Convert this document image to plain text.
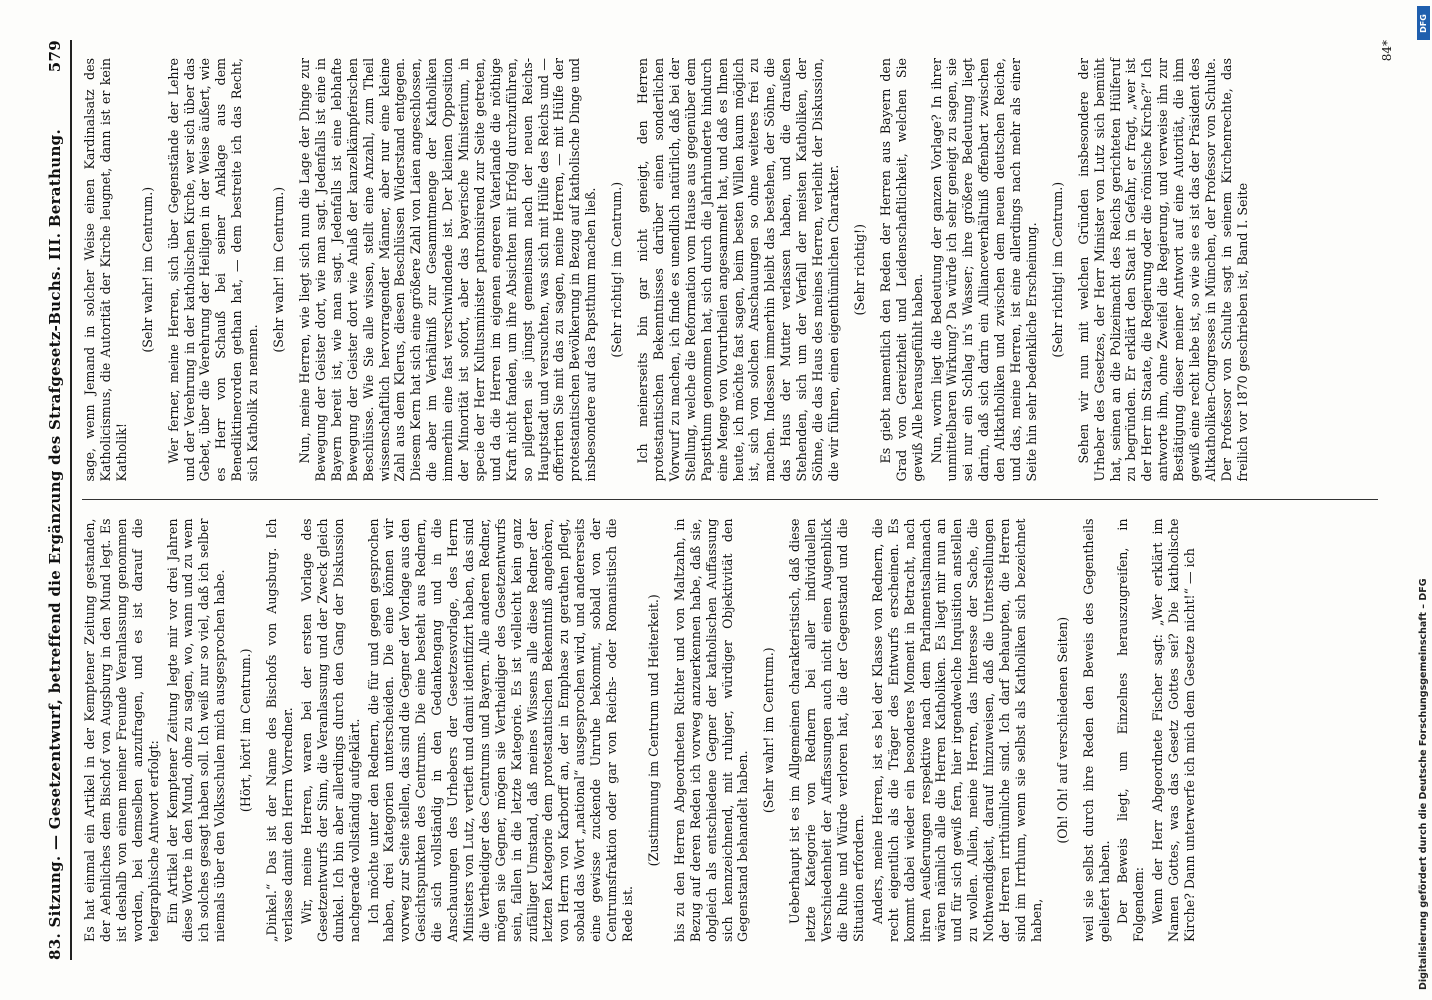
83. Sitzung. — Gesetzentwurf, betreffend die Ergänzung des Strafgesetz-Buchs. III. Berathung.
579

Es hat einmal ein Artikel in der Kemptener Zeitung gestanden, der Aehnliches dem Bischof von Augsburg in den Mund legt. Es ist deshalb von einem meiner Freunde Veranlassung genommen worden, bei demselben anzufragen, und es ist darauf die telegraphische Antwort erfolgt: Ein Artikel der Kemptener Zeitung legte mir vor drei Jahren diese Worte in den Mund, ohne zu sagen, wo, wann und zu wem ich solches gesagt haben soll. Ich weiß nur so viel, daß ich selber niemals über den Volksschulen mich ausgesprochen habe. (Hört, hört! im Centrum.) „Dinkel.“ Das ist der Name des Bischofs von Augsburg. Ich verlasse damit den Herrn Vorredner. Wir, meine Herren, waren bei der ersten Vorlage des Gesetzentwurfs der Sinn, die Veranlassung und der Zweck gleich dunkel. Ich bin aber allerdings durch den Gang der Diskussion nachgerade vollständig aufgeklärt. Ich möchte unter den Rednern, die für und gegen gesprochen haben, drei Kategorien unterscheiden. Die eine können wir vorweg zur Seite stellen, das sind die Gegner der Vorlage aus den Gesichtspunkten des Centrums. Die eine besteht aus Rednern, die sich vollständig in den Gedankengang und in die Anschauungen des Urhebers der Gesetzesvorlage, des Herrn Ministers von Lutz, vertieft und damit identifizirt haben, das sind die Vertheidiger des Centrums und Bayern. Alle anderen Redner, mögen sie Gegner, mögen sie Vertheidiger des Gesetzentwurfs sein, fallen in die letzte Kategorie. Es ist vielleicht kein ganz zufälliger Umstand, daß meines Wissens alle diese Redner der letzten Kategorie dem protestantischen Bekenntniß angehören, von Herrn von Karborff an, der in Emphase zu gerathen pflegt, sobald das Wort „national“ ausgesprochen wird, und andererseits eine gewisse zuckende Unruhe bekommt, sobald von der Centrumsfraktion oder gar von Reichs- oder Romanistisch die Rede ist.

(Zustimmung im Centrum und Heiterkeit.) bis zu den Herren Abgeordneten Richter und von Maltzahn, in Bezug auf deren Reden ich vorweg anzuerkennen habe, daß sie, obgleich als entschiedene Gegner der katholischen Auffassung sich kennzeichnend, mit ruhiger, würdiger Objektivität den Gegenstand behandelt haben.

(Sehr wahr! im Centrum.) Ueberhaupt ist es im Allgemeinen charakteristisch, daß diese letzte Kategorie von Rednern bei aller individuellen Verschiedenheit der Auffassungen auch nicht einen Augenblick die Ruhe und Würde verloren hat, die der Gegenstand und die Situation erfordern. Anders, meine Herren, ist es bei der Klasse von Rednern, die recht eigentlich als die Träger des Entwurfs erscheinen. Es kommt dabei wieder ein besonderes Moment in Betracht, nach ihren Aeußerungen respektive nach dem Parlamentsalmanach wären nämlich alle die Herren Katholiken. Es liegt mir nun an und für sich gewiß fern, hier irgendwelche Inquisition anstellen zu wollen. Allein, meine Herren, das Interesse der Sache, die Nothwendigkeit, darauf hinzuweisen, daß die Unterstellungen der Herren irrthümliche sind. Ich darf behaupten, die Herren sind im Irrthum, wenn sie selbst als Katholiken sich bezeichnet haben,

(Oh! Oh! auf verschiedenen Seiten) weil sie selbst durch ihre Reden den Beweis des Gegentheils geliefert haben. Der Beweis liegt, um Einzelnes herauszugreifen, in Folgendem: Wenn der Herr Abgeordnete Fischer sagt: „Wer erklärt im Namen Gottes, was das Gesetz Gottes sei? Die katholische Kirche? Dann unterwerfe ich mich dem Gesetze nicht!“ — ich

sage, wenn Jemand in solcher Weise einen Kardinalsatz des Katholicismus, die Autorität der Kirche leugnet, dann ist er kein Katholik!

(Sehr wahr! im Centrum.) Wer ferner, meine Herren, sich über Gegenstände der Lehre und der Verehrung in der katholischen Kirche, wer sich über das Gebet, über die Verehrung der Heiligen in der Weise äußert, wie es Herr von Schauß bei seiner Anklage aus dem Benediktinerorden gethan hat, — dem bestreite ich das Recht, sich Katholik zu nennen.

(Sehr wahr! im Centrum.) Nun, meine Herren, wie liegt sich nun die Lage der Dinge zur Bewegung der Geister dort, wie man sagt. Jedenfalls ist eine in Bayern bereit ist, wie man sagt. Jedenfalls ist eine lebhafte Bewegung der Geister dort wie Anlaß der kanzelkämpferischen Beschlüsse. Wie Sie alle wissen, stellt eine Anzahl, zum Theil wissenschaftlich hervorragender Männer, aber nur eine kleine Zahl aus dem Klerus, diesen Beschlüssen Widerstand entgegen. Diesem Kern hat sich eine größere Zahl von Laien angeschlossen, die aber im Verhältniß zur Gesammtmenge der Katholiken immerhin eine fast verschwindende ist. Der kleinen Opposition der Minorität ist sofort, aber das bayerische Ministerium, in specie der Herr Kultusminister patronisirend zur Seite getreten, und da die Herren im eigenen engeren Vaterlande die nöthige Kraft nicht fanden, um ihre Absichten mit Erfolg durchzuführen, so pilgerten sie jüngst gemeinsam nach der neuen Reichs-Hauptstadt und versuchten, was sich mit Hülfe des Reichs und — offerirten Sie mit das zu sagen, meine Herren, — mit Hülfe der protestantischen Bevölkerung in Bezug auf katholische Dinge und insbesondere auf das Papstthum machen ließ. (Sehr richtig! im Centrum.) Ich meinerseits bin gar nicht geneigt, den Herren protestantischen Bekenntnisses darüber einen sonderlichen Vorwurf zu machen, ich finde es unendlich natürlich, daß bei der Stellung, welche die Reformation vom Hause aus gegenüber dem Papstthum genommen hat, sich durch die Jahrhunderte hindurch eine Menge von Vorurtheilen angesammelt hat, und daß es Ihnen heute, ich möchte fast sagen, beim besten Willen kaum möglich ist, sich von solchen Anschauungen so ohne weiteres frei zu machen. Indessen immerhin bleibt das bestehen, der Söhne, die das Haus der Mutter verlassen haben, und die draußen Stehenden, sich um der Verfall der meisten Katholiken, der Söhne, die das Haus des meines Herren, verleiht der Diskussion, die wir führen, einen eigenthümlichen Charakter. (Sehr richtig!) Es giebt namentlich den Reden der Herren aus Bayern den Grad von Gereiztheit und Leidenschaftlichkeit, welchen Sie gewiß Alle herausgefühlt haben. Nun, worin liegt die Bedeutung der ganzen Vorlage? In ihrer unmittelbaren Wirkung? Da würde ich sehr geneigt zu sagen, sie sei nur ein Schlag in's Wasser; ihre größere Bedeutung liegt darin, daß sich darin ein Allianceverhältniß offenbart zwischen den Altkatholiken und zwischen dem neuen deutschen Reiche, und das, meine Herren, ist eine allerdings nach mehr als einer Seite hin sehr bedenkliche Erscheinung. (Sehr richtig! im Centrum.) Sehen wir nun mit welchen Gründen insbesondere der Urheber des Gesetzes, der Herr Minister von Lutz sich bemüht hat, seinen an die Polizeimacht des Reichs gerichteten Hülferuf zu begründen. Er erklärt den Staat in Gefahr, er fragt, „wer ist der Herr im Staate, die Regierung oder die römische Kirche?“ Ich antworte ihm, ohne Zweifel die Regierung, und verweise ihn zur Bestätigung dieser meiner Antwort auf eine Autorität, die ihm gewiß eine recht liebe ist, so wie sie es ist das der Präsident des Altkatholiken-Congresses in München, der Professor von Schulte. Der Professor von Schulte sagt in seinem Kirchenrechte, das freilich vor 1870 geschrieben ist, Band I. Seite

84*
DFG
Digitalisierung gefördert durch die Deutsche Forschungsgemeinschaft – DFG
